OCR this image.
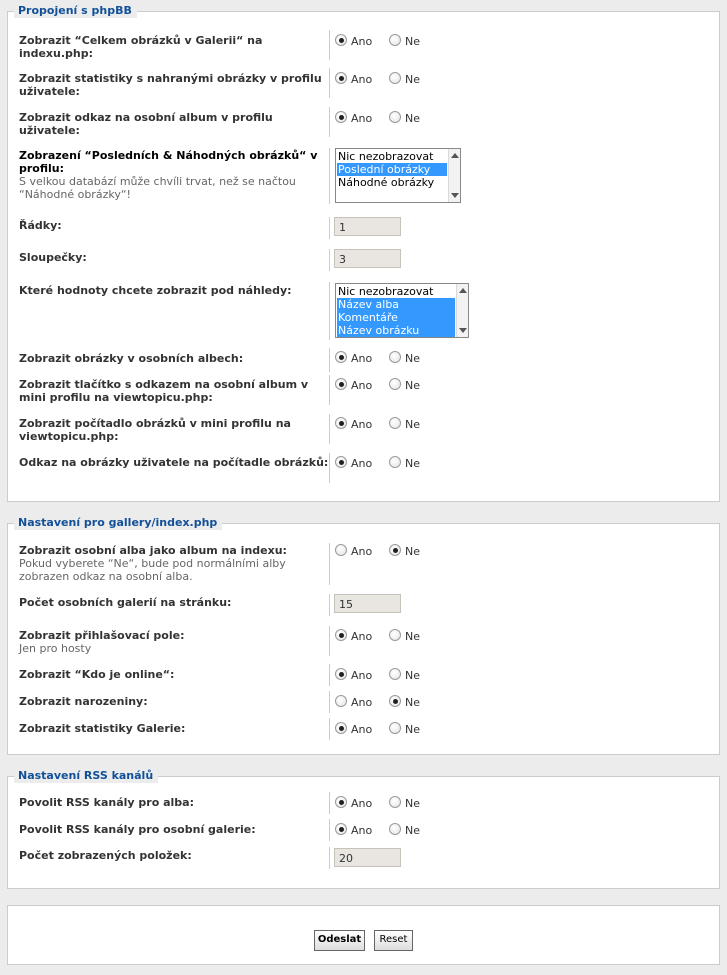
Propojení s phpBB
Zobrazit “Celkem obrázků v Galerii“ na indexu.php:
Ano	Ne
Zobrazit statistiky s nahranými obrázky v profilu uživatele:
Ano	Ne
Zobrazit odkaz na osobní album v profilu uživatele:
Ano	Ne
Zobrazení “Posledních & Náhodných obrázků“ v profilu:
S velkou databází může chvíli trvat, než se načtou “Náhodné obrázky“!
Nic nezobrazovat
Poslední obrázky
Náhodné obrázky
Řádky:	1
Sloupečky:	3
Které hodnoty chcete zobrazit pod náhledy:	Nic nezobrazovat
Název alba
Komentáře
Název obrázku
Zobrazit obrázky v osobních albech:	Ano	Ne
Zobrazit tlačítko s odkazem na osobní album v mini profilu na viewtopicu.php:
Ano	Ne
Zobrazit počítadlo obrázků v mini profilu na viewtopicu.php:
Ano	Ne
Odkaz na obrázky uživatele na počítadle obrázků: Ano	Ne
Nastavení pro gallery/index.php
Zobrazit osobní alba jako album na indexu:
Pokud vyberete “Ne“, bude pod normálními alby zobrazen odkaz na osobní alba.
Ano	Ne
Počet osobních galerií na stránku:	15
Zobrazit přihlašovací pole:
Jen pro hosty
Ano	Ne
Zobrazit “Kdo je online“:	Ano	Ne
Zobrazit narozeniny:	Ano	Ne
Zobrazit statistiky Galerie:	Ano	Ne
Nastavení RSS kanálů
Povolit RSS kanály pro alba:	Ano	Ne
Povolit RSS kanály pro osobní galerie:	Ano	Ne
Počet zobrazených položek:	20
Odeslat	Reset
